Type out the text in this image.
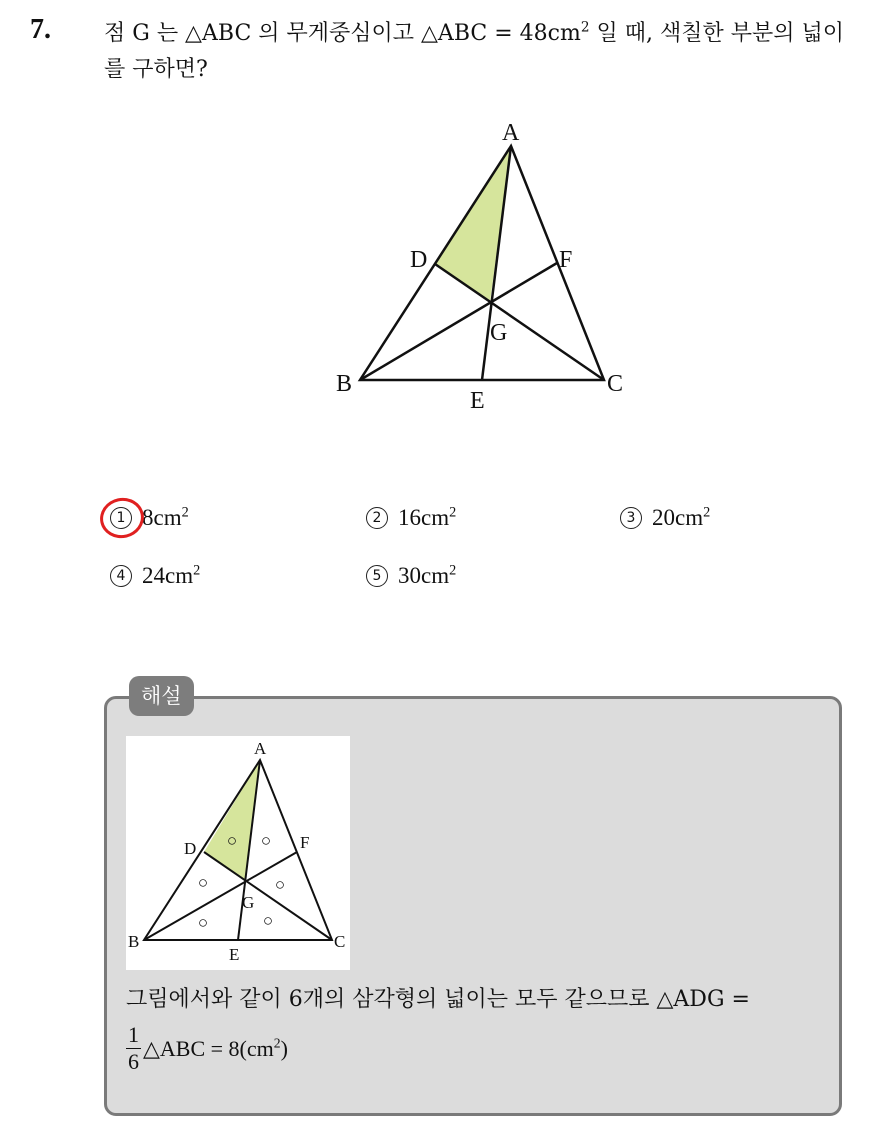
7. 점 G 는 △ABC 의 무게중심이고 △ABC = $48cm^2$ 일 때, 색칠한 부분의 넓이를 구하면?
A
B	C
D
E
F
G
1 $8cm^2$	2 $16cm^2$	3 $20cm^2$
4 $24cm^2$	5 $30cm^2$
해설
A
B	C
D
E
F
G
○ ○
○	○
○	○
그림에서와 같이 6개의 삼각형의 넓이는 모두 같으므로 △ADG =
$\frac{1}{6}$ △ABC = $8(cm^2)$
